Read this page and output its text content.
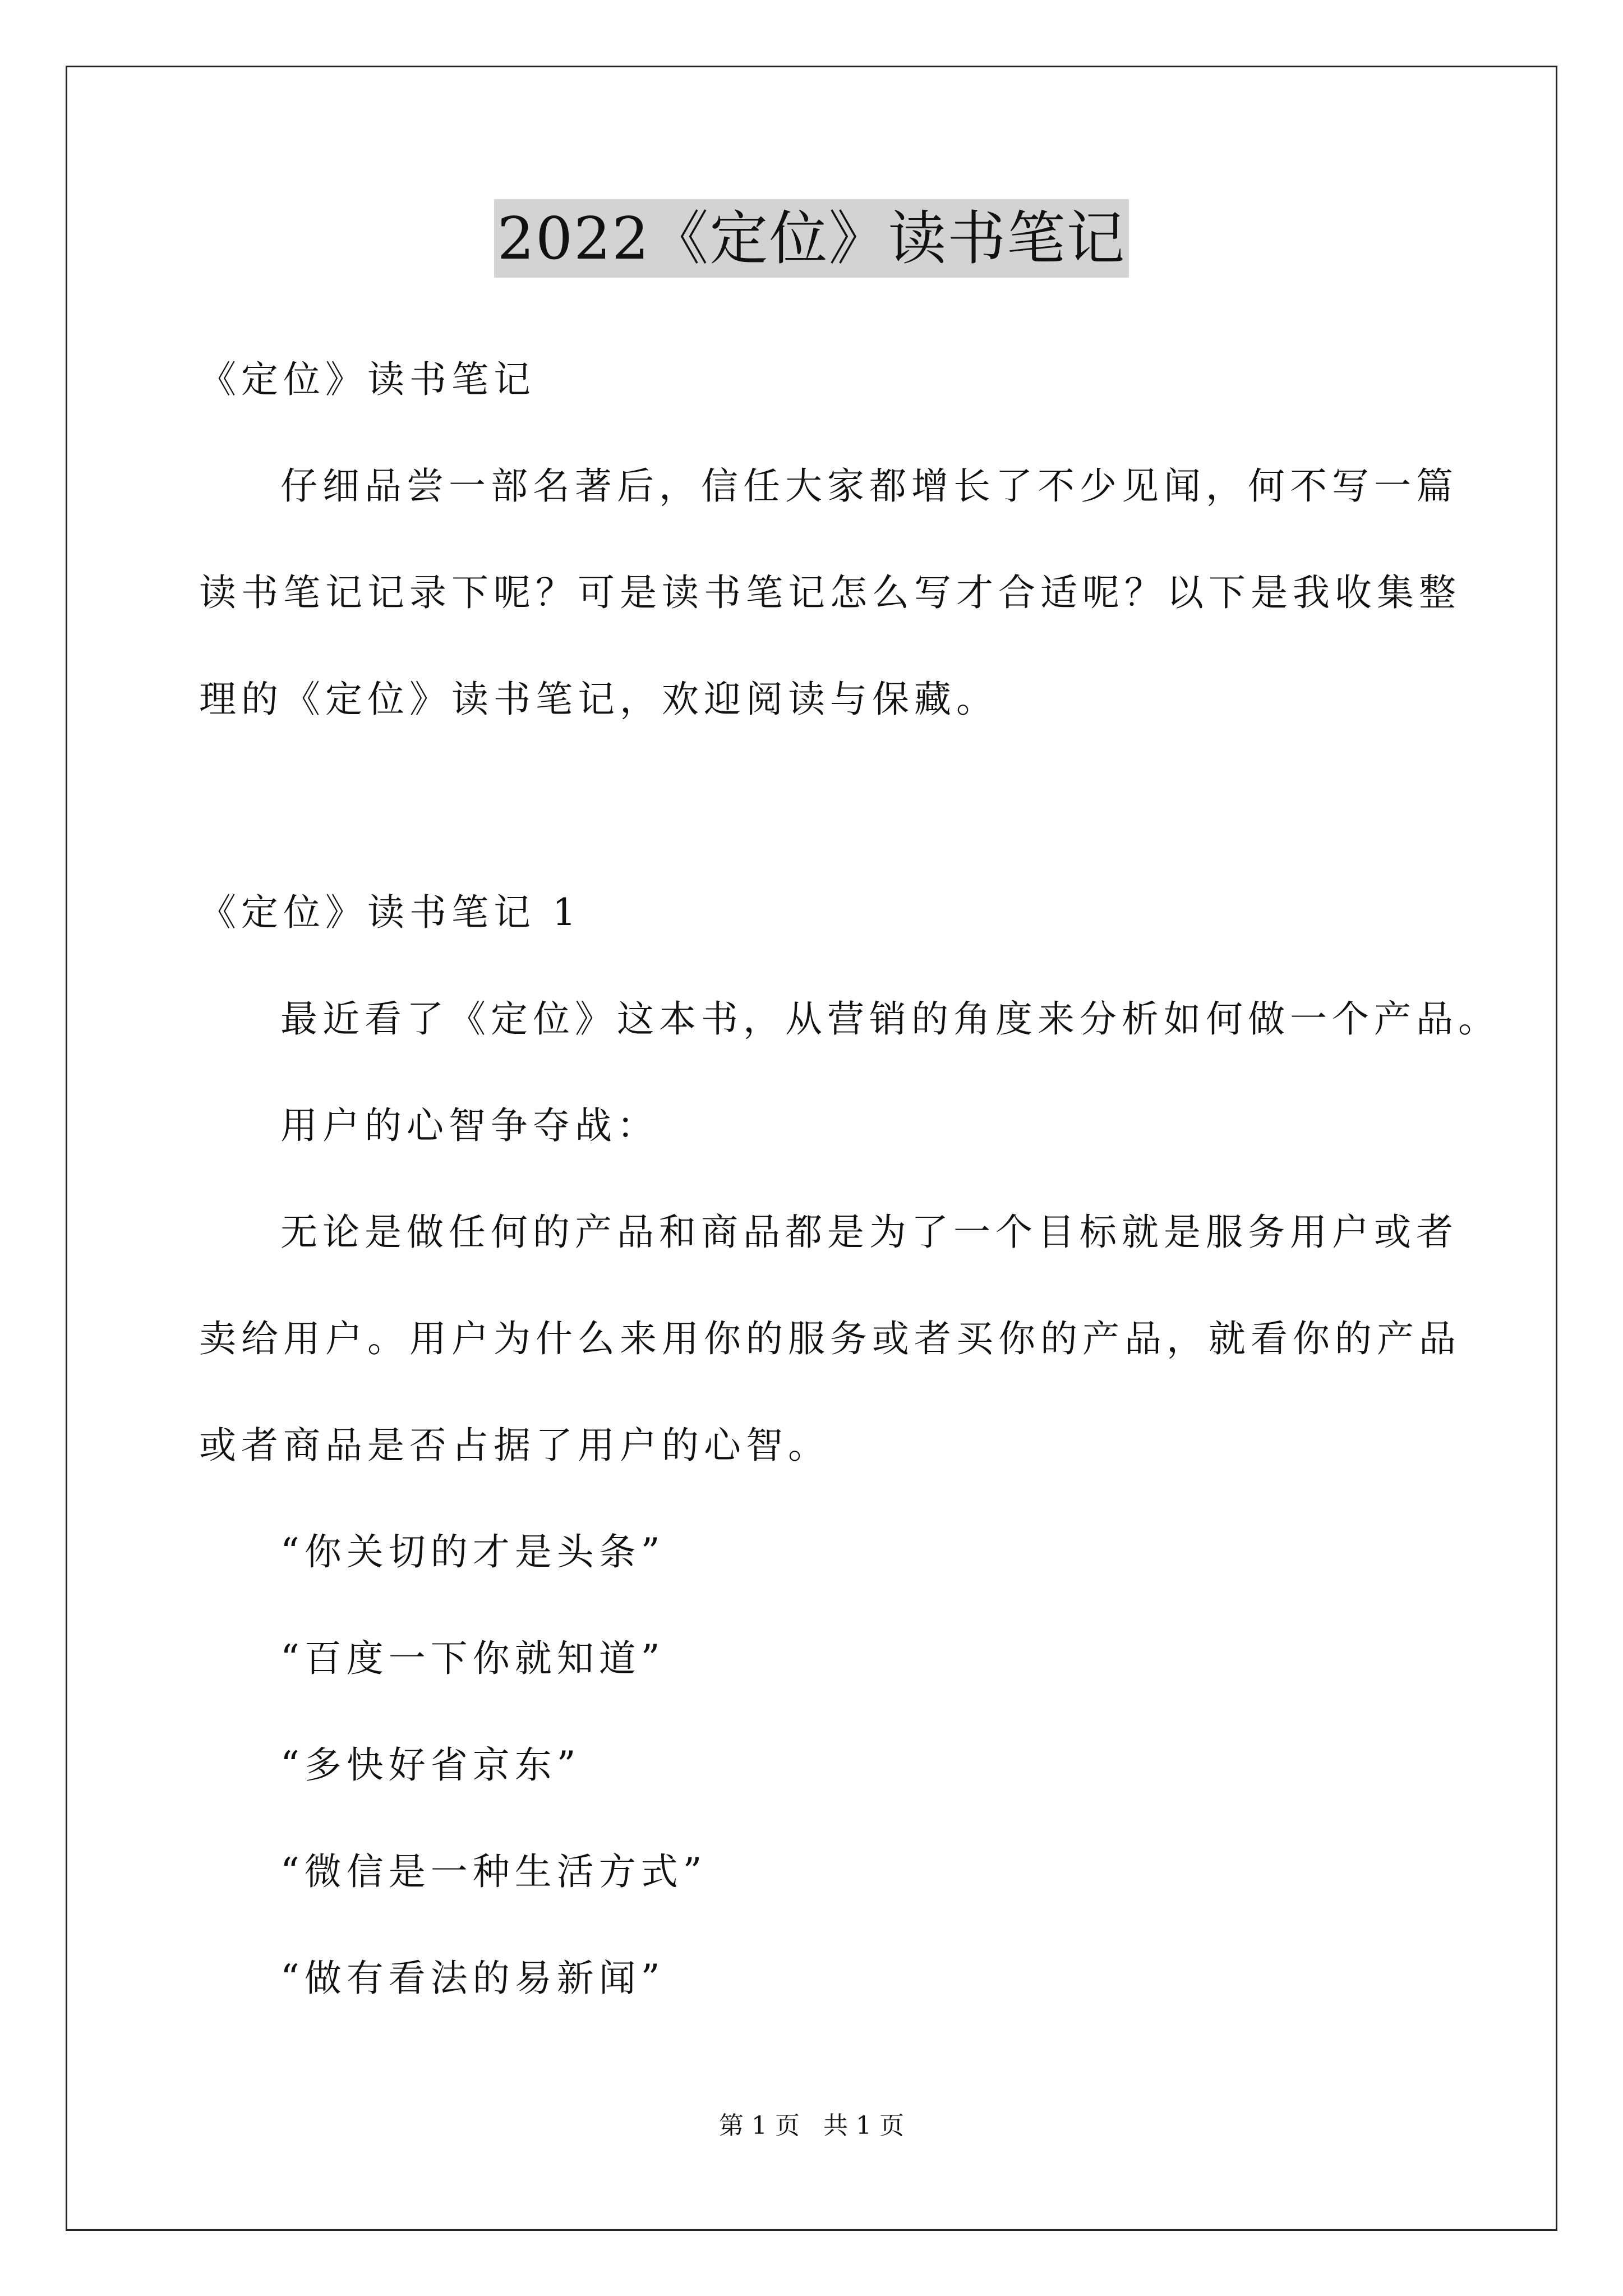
2022《定位》读书笔记
《定位》读书笔记
仔细品尝一部名著后，信任大家都增长了不少见闻，何不写一篇
读书笔记记录下呢？可是读书笔记怎么写才合适呢？以下是我收集整
理的《定位》读书笔记，欢迎阅读与保藏。
《定位》读书笔记 1
最近看了《定位》这本书，从营销的角度来分析如何做一个产品。
用户的心智争夺战：
无论是做任何的产品和商品都是为了一个目标就是服务用户或者
卖给用户。用户为什么来用你的服务或者买你的产品，就看你的产品
或者商品是否占据了用户的心智。
“你关切的才是头条”
“百度一下你就知道”
“多快好省京东”
“微信是一种生活方式”
“做有看法的易新闻”
第 1 页   共 1 页
